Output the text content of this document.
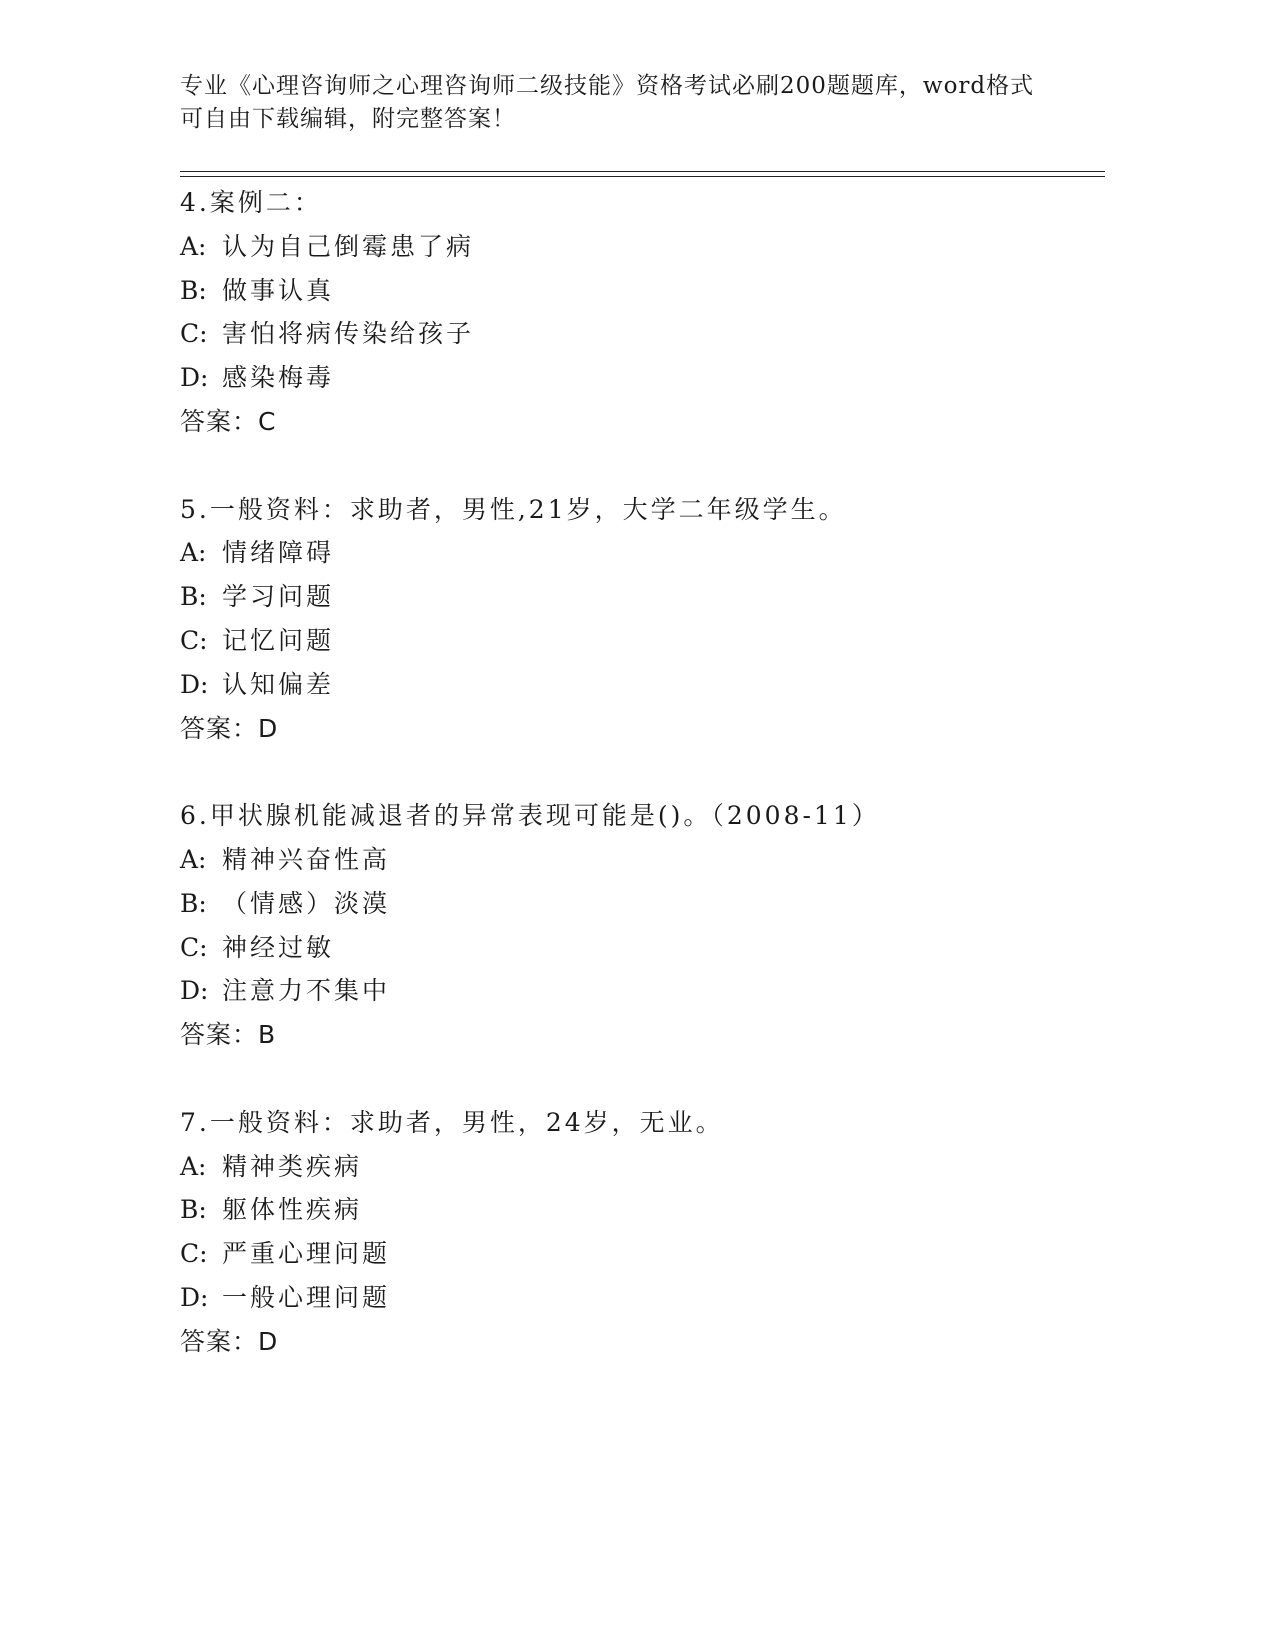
专业《心理咨询师之心理咨询师二级技能》资格考试必刷200题题库，word格式
可自由下载编辑，附完整答案！
4.案例二：
A: 认为自己倒霉患了病
B: 做事认真
C: 害怕将病传染给孩子
D: 感染梅毒
答案：C
5.一般资料：求助者，男性,21岁，大学二年级学生。
A: 情绪障碍
B: 学习问题
C: 记忆问题
D: 认知偏差
答案：D
6.甲状腺机能减退者的异常表现可能是()。（2008-11）
A: 精神兴奋性高
B: （情感）淡漠
C: 神经过敏
D: 注意力不集中
答案：B
7.一般资料：求助者，男性，24岁，无业。
A: 精神类疾病
B: 躯体性疾病
C: 严重心理问题
D: 一般心理问题
答案：D
